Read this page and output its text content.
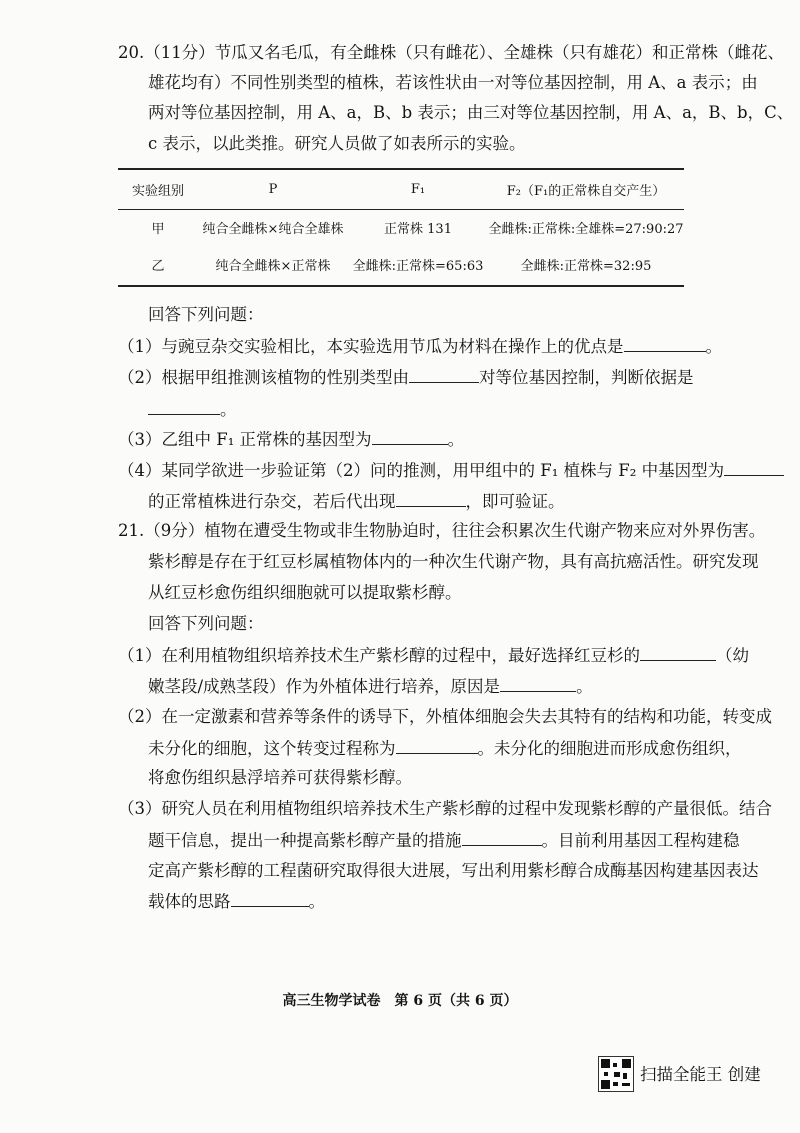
20.（11分）节瓜又名毛瓜，有全雌株（只有雌花）、全雄株（只有雄花）和正常株（雌花、
雄花均有）不同性别类型的植株，若该性状由一对等位基因控制，用 A、a 表示；由
两对等位基因控制，用 A、a，B、b 表示；由三对等位基因控制，用 A、a，B、b，C、
c 表示，以此类推。研究人员做了如表所示的实验。
实验组别	P	F₁	F₂（F₁的正常株自交产生）
甲	纯合全雌株×纯合全雄株	正常株 131	全雌株:正常株:全雄株=27:90:27
乙	纯合全雌株×正常株	全雌株:正常株=65:63	全雌株:正常株=32:95
回答下列问题：
（1）与豌豆杂交实验相比，本实验选用节瓜为材料在操作上的优点是	。
（2）根据甲组推测该植物的性别类型由	对等位基因控制，判断依据是
。
（3）乙组中 F₁ 正常株的基因型为	。
（4）某同学欲进一步验证第（2）问的推测，用甲组中的 F₁ 植株与 F₂ 中基因型为
的正常植株进行杂交，若后代出现	，即可验证。
21.（9分）植物在遭受生物或非生物胁迫时，往往会积累次生代谢产物来应对外界伤害。
紫杉醇是存在于红豆杉属植物体内的一种次生代谢产物，具有高抗癌活性。研究发现
从红豆杉愈伤组织细胞就可以提取紫杉醇。
回答下列问题：
（1）在利用植物组织培养技术生产紫杉醇的过程中，最好选择红豆杉的	（幼
嫩茎段/成熟茎段）作为外植体进行培养，原因是	。
（2）在一定激素和营养等条件的诱导下，外植体细胞会失去其特有的结构和功能，转变成
未分化的细胞，这个转变过程称为	。未分化的细胞进而形成愈伤组织，
将愈伤组织悬浮培养可获得紫杉醇。
（3）研究人员在利用植物组织培养技术生产紫杉醇的过程中发现紫杉醇的产量很低。结合
题干信息，提出一种提高紫杉醇产量的措施	。目前利用基因工程构建稳
定高产紫杉醇的工程菌研究取得很大进展，写出利用紫杉醇合成酶基因构建基因表达
载体的思路	。
高三生物学试卷　第 6 页（共 6 页）
扫描全能王 创建
